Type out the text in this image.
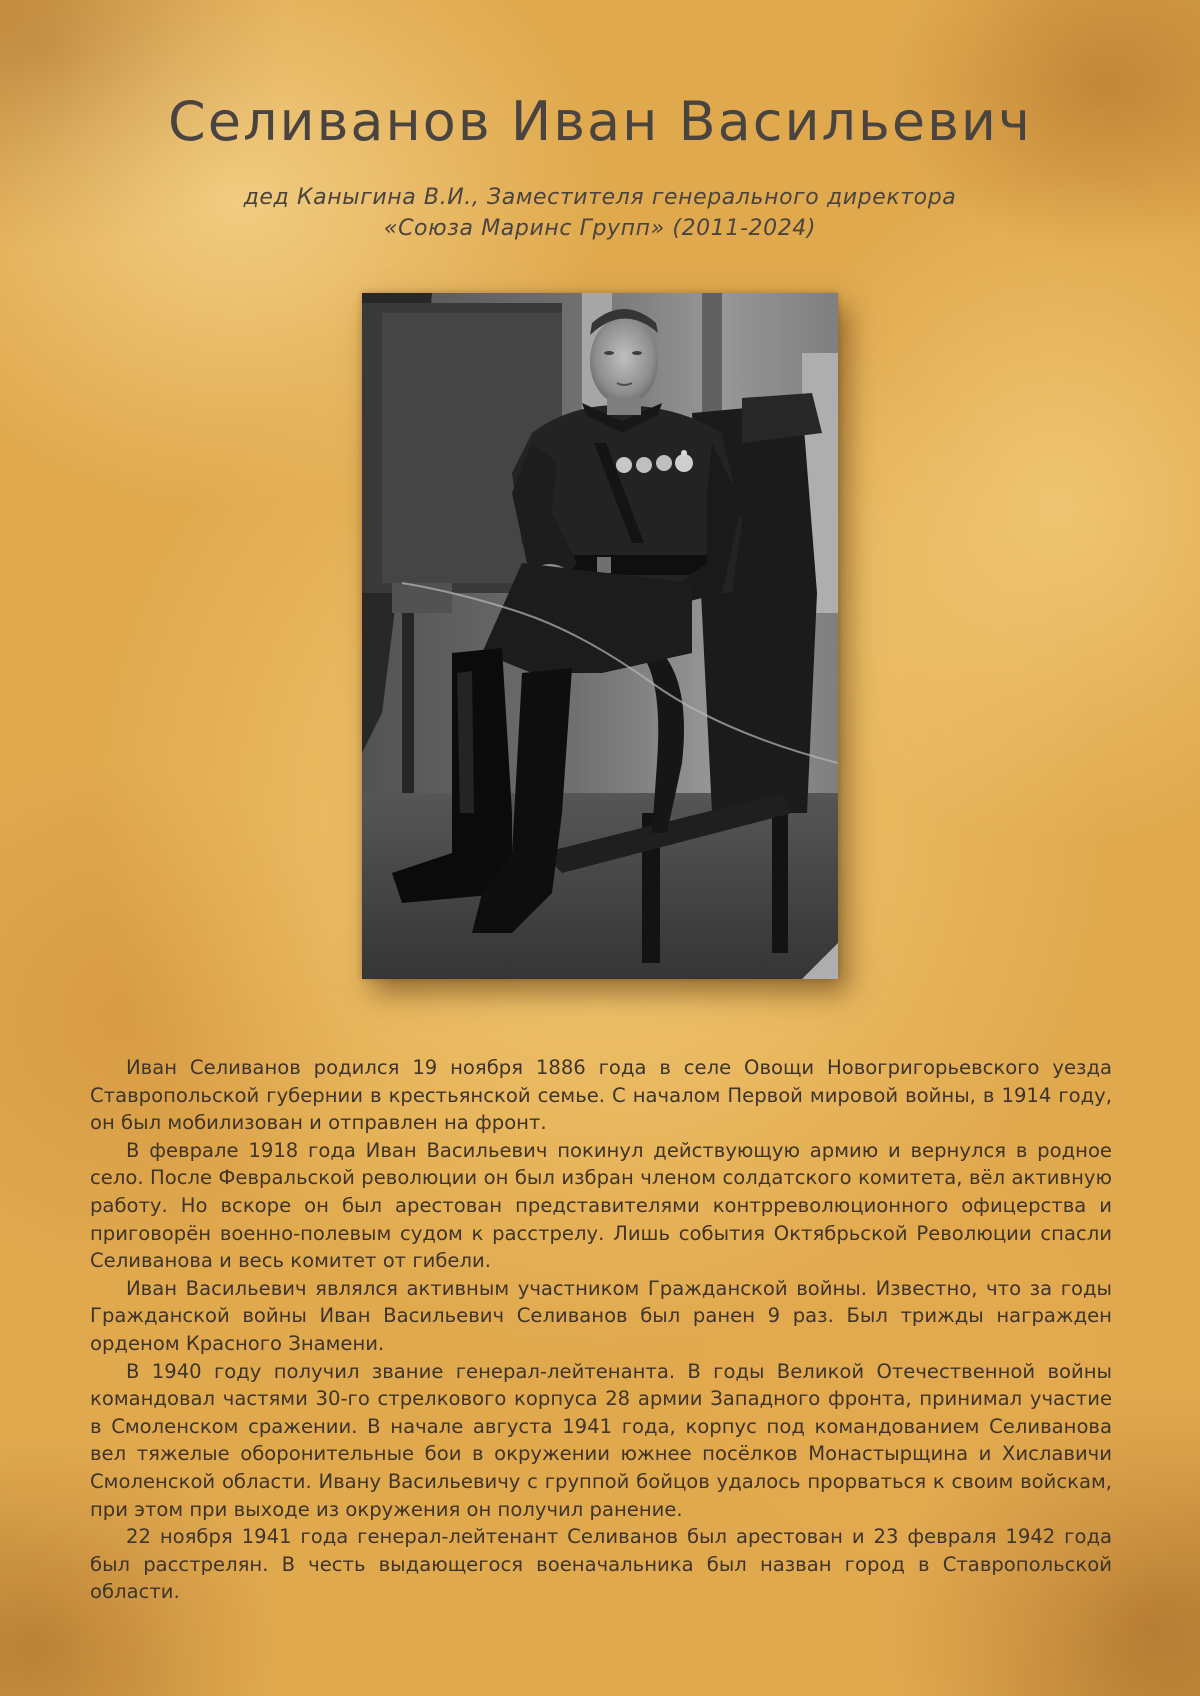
Селиванов Иван Васильевич
дед Каныгина В.И., Заместителя генерального директора
«Союза Маринс Групп» (2011-2024)

Иван Селиванов родился 19 ноября 1886 года в селе Овощи Новогригорьевского уезда Ставропольской губернии в крестьянской семье. С началом Первой мировой войны, в 1914 году, он был мобилизован и отправлен на фронт.

В феврале 1918 года Иван Васильевич покинул действующую армию и вернулся в родное село. После Февральской революции он был избран членом солдатского комитета, вёл активную работу. Но вскоре он был арестован представителями контрреволюционного офицерства и приговорён военно-полевым судом к расстрелу. Лишь события Октябрьской Революции спасли Селиванова и весь комитет от гибели.

Иван Васильевич являлся активным участником Гражданской войны. Известно, что за годы Гражданской войны Иван Васильевич Селиванов был ранен 9 раз. Был трижды награжден орденом Красного Знамени.

В 1940 году получил звание генерал-лейтенанта. В годы Великой Отечественной войны командовал частями 30-го стрелкового корпуса 28 армии Западного фронта, принимал участие в Смоленском сражении. В начале августа 1941 года, корпус под командованием Селиванова вел тяжелые оборонительные бои в окружении южнее посёлков Монастырщина и Хиславичи Смоленской области. Ивану Васильевичу с группой бойцов удалось прорваться к своим войскам, при этом при выходе из окружения он получил ранение.

22 ноября 1941 года генерал-лейтенант Селиванов был арестован и 23 февраля 1942 года был расстрелян. В честь выдающегося военачальника был назван город в Ставропольской области.
